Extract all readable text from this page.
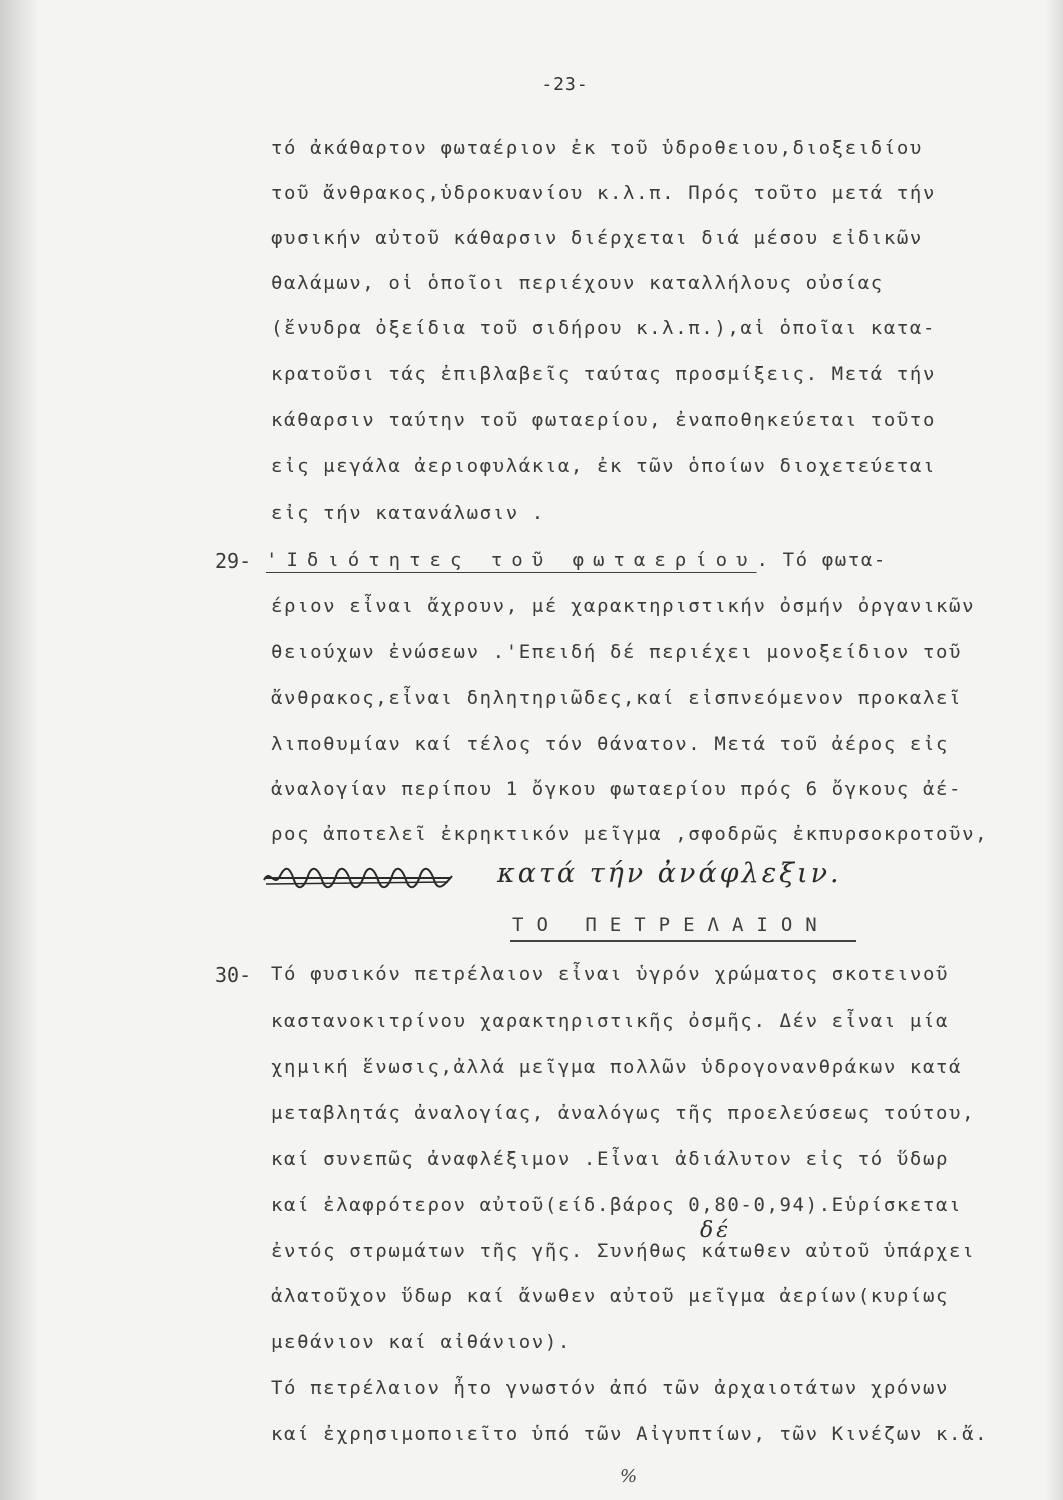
-23-
τό ἀκάθαρτον φωταέριον ἐκ τοῦ ὑδροθειου,διοξειδίου
τοῦ ἄνθρακος,ὑδροκυανίου κ.λ.π. Πρός τοῦτο μετά τήν
φυσικήν αὐτοῦ κάθαρσιν διέρχεται διά μέσου εἰδικῶν
θαλάμων, οἱ ὁποῖοι περιέχουν καταλλήλους οὐσίας
(ἔνυδρα ὀξείδια τοῦ σιδήρου κ.λ.π.),αἱ ὁποῖαι κατα-
κρατοῦσι τάς ἐπιβλαβεῖς ταύτας προσμίξεις. Μετά τήν
κάθαρσιν ταύτην τοῦ φωταερίου, ἐναποθηκεύεται τοῦτο
εἰς μεγάλα ἀεριοφυλάκια, ἐκ τῶν ὁποίων διοχετεύεται
εἰς τήν κατανάλωσιν .
29- 'Ιδιότητες τοῦ φωταερίου. Τό φωτα-
έριον εἶναι ἄχρουν, μέ χαρακτηριστικήν ὀσμήν ὀργανικῶν
θειούχων ἐνώσεων .'Επειδή δέ περιέχει μονοξείδιον τοῦ
ἄνθρακος,εἶναι δηλητηριῶδες,καί εἰσπνεόμενον προκαλεῖ
λιποθυμίαν καί τέλος τόν θάνατον. Μετά τοῦ ἀέρος εἰς
ἀναλογίαν περίπου 1 ὄγκου φωταερίου πρός 6 ὄγκους ἀέ-
ρος ἀποτελεῖ ἐκρηκτικόν μεῖγμα ,σφοδρῶς ἐκπυρσοκροτοῦν,
κατά τήν ἀνάφλεξιν.
ΤΟ ΠΕΤΡΕΛΑΙΟΝ
30- Τό φυσικόν πετρέλαιον εἶναι ὑγρόν χρώματος σκοτεινοῦ
καστανοκιτρίνου χαρακτηριστικῆς ὀσμῆς. Δέν εἶναι μία
χημική ἕνωσις,ἀλλά μεῖγμα πολλῶν ὑδρογονανθράκων κατά
μεταβλητάς ἀναλογίας, ἀναλόγως τῆς προελεύσεως τούτου,
καί συνεπῶς ἀναφλέξιμον .Εἶναι ἀδιάλυτον εἰς τό ὕδωρ
καί ἐλαφρότερον αὐτοῦ(είδ.βάρος 0,80-0,94).Εὑρίσκεται
δέ
ἐντός στρωμάτων τῆς γῆς. Συνήθως κάτωθεν αὐτοῦ ὑπάρχει
ἁλατοῦχον ὕδωρ καί ἄνωθεν αὐτοῦ μεῖγμα ἀερίων(κυρίως
μεθάνιον καί αἰθάνιον).
Τό πετρέλαιον ἦτο γνωστόν ἀπό τῶν ἀρχαιοτάτων χρόνων
καί ἐχρησιμοποιεῖτο ὑπό τῶν Αἰγυπτίων, τῶν Κινέζων κ.ἄ.
%
